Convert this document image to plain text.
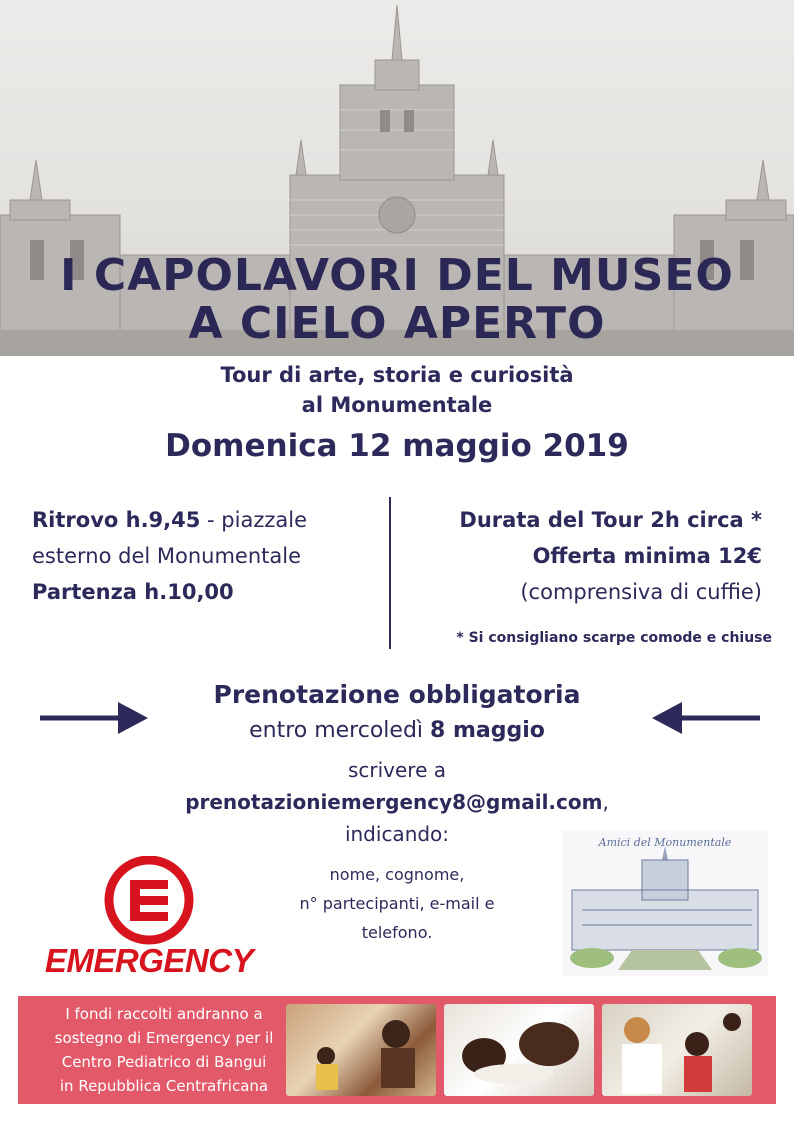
I CAPOLAVORI DEL MUSEO
A CIELO APERTO
Tour di arte, storia e curiosità
al Monumentale
Domenica 12 maggio 2019
Ritrovo h.9,45 - piazzale
esterno del Monumentale
Partenza h.10,00
Durata del Tour 2h circa *
Offerta minima 12€
(comprensiva di cuffie)
* Si consigliano scarpe comode e chiuse
Prenotazione obbligatoria
entro mercoledì 8 maggio
scrivere a
prenotazioniemergency8@gmail.com,
indicando:
nome, cognome,
n° partecipanti, e-mail e
telefono.
EMERGENCY
Amici del Monumentale
I fondi raccolti andranno a
sostegno di Emergency per il
Centro Pediatrico di Bangui
in Repubblica Centrafricana
